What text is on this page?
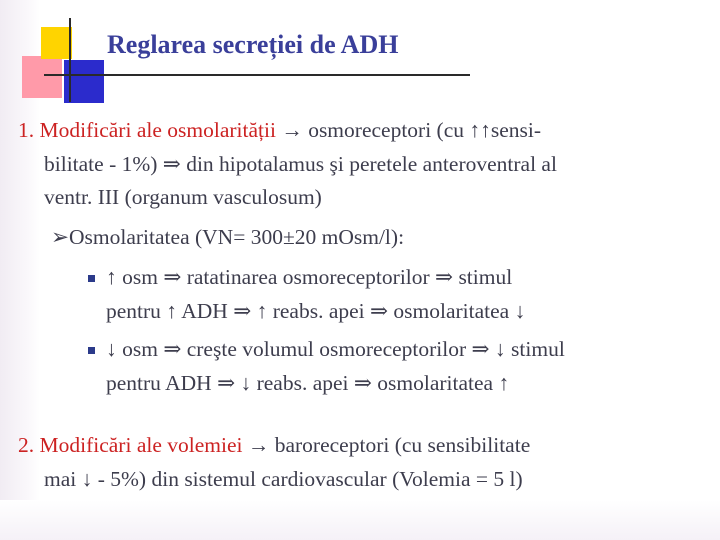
Reglarea secreției de ADH

1. Modificări ale osmolarității → osmoreceptori (cu ↑↑sensi-

bilitate - 1%) ⇒ din hipotalamus şi peretele anteroventral al

ventr. III (organum vasculosum)

➢Osmolaritatea (VN= 300±20 mOsm/l):

↑ osm ⇒ ratatinarea osmoreceptorilor ⇒ stimul

pentru ↑ ADH ⇒ ↑ reabs. apei ⇒ osmolaritatea ↓

↓ osm ⇒ creşte volumul osmoreceptorilor ⇒ ↓ stimul

pentru ADH ⇒ ↓ reabs. apei ⇒ osmolaritatea ↑

2. Modificări ale volemiei → baroreceptori (cu sensibilitate

mai ↓ - 5%) din sistemul cardiovascular (Volemia = 5 l)
